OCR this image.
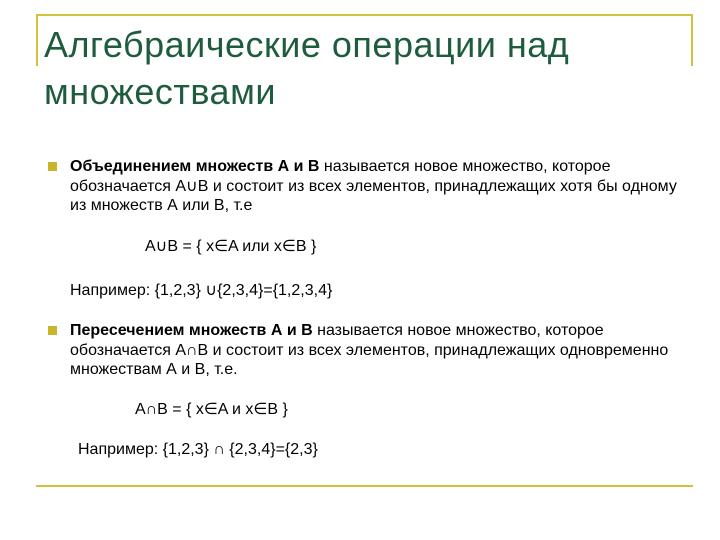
Алгебраические операции над множествами
Объединением множеств А и В называется новое множество, которое обозначается A∪B и состоит из всех элементов, принадлежащих хотя бы одному из множеств А или В, т.е
A∪B = { x∈A или x∈B }
Например: {1,2,3} ∪{2,3,4}={1,2,3,4}
Пересечением множеств А и В называется новое множество, которое обозначается A∩B и состоит из всех элементов, принадлежащих одновременно множествам А и В, т.е.
A∩B = { x∈A и x∈B }
Например: {1,2,3} ∩ {2,3,4}={2,3}
